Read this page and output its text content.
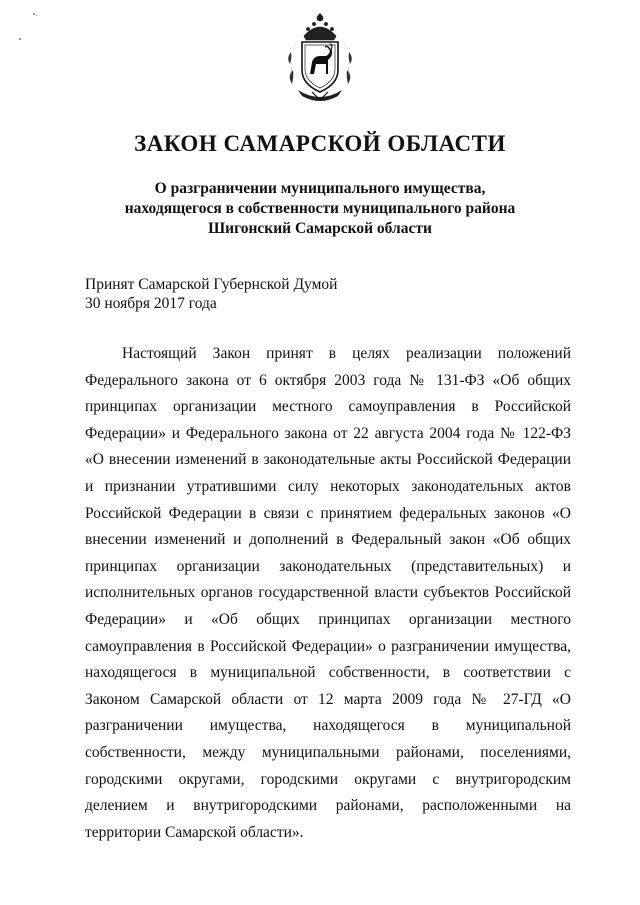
ЗАКОН САМАРСКОЙ ОБЛАСТИ
О разграничении муниципального имущества,
находящегося в собственности муниципального района
Шигонский Самарской области
Принят Самарской Губернской Думой
30 ноября 2017 года

Настоящий Закон принят в целях реализации положений Федерального закона от 6 октября 2003 года № 131-ФЗ «Об общих принципах организации местного самоуправления в Российской Федерации» и Федерального закона от 22 августа 2004 года № 122-ФЗ «О внесении изменений в законодательные акты Российской Федерации и признании утратившими силу некоторых законодательных актов Российской Федерации в связи с принятием федеральных законов «О внесении изменений и дополнений в Федеральный закон «Об общих принципах организации законодательных (представительных) и исполнительных органов государственной власти субъектов Российской Федерации» и «Об общих принципах организации местного самоуправления в Российской Федерации» о разграничении имущества, находящегося в муниципальной собственности, в соответствии с Законом Самарской области от 12 марта 2009 года № 27-ГД «О разграничении имущества, находящегося в муниципальной собственности, между муниципальными районами, поселениями, городскими округами, городскими округами с внутригородским делением и внутригородскими районами, расположенными на территории Самарской области».
